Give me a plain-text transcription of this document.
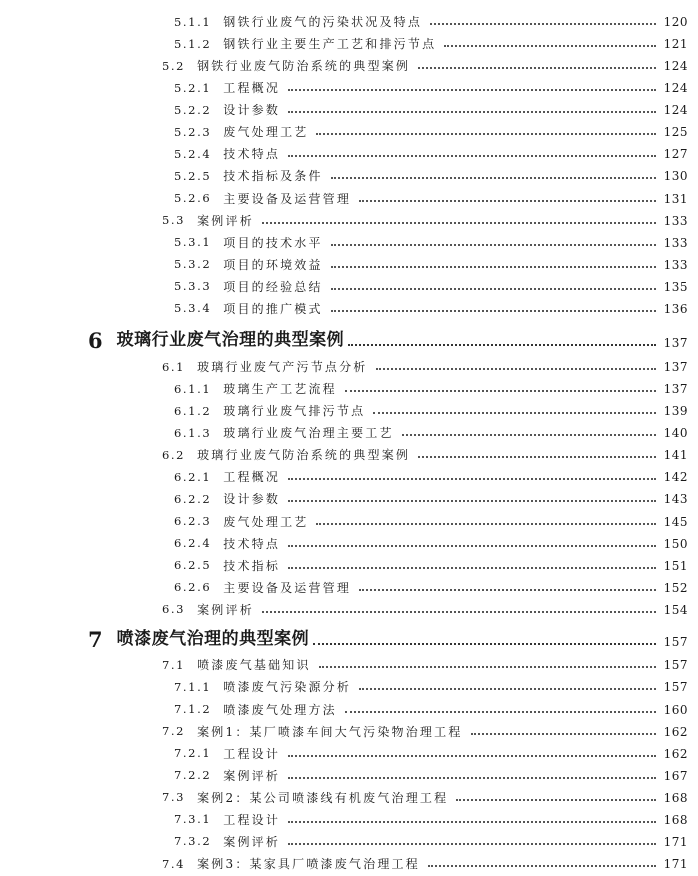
5.1.1 钢铁行业废气的污染状况及特点	120
5.1.2 钢铁行业主要生产工艺和排污节点	121
5.2 钢铁行业废气防治系统的典型案例	124
5.2.1 工程概况	124
5.2.2 设计参数	124
5.2.3 废气处理工艺	125
5.2.4 技术特点	127
5.2.5 技术指标及条件	130
5.2.6 主要设备及运营管理	131
5.3 案例评析	133
5.3.1 项目的技术水平	133
5.3.2 项目的环境效益	133
5.3.3 项目的经验总结	135
5.3.4 项目的推广模式	136
6 玻璃行业废气治理的典型案例	137
6.1 玻璃行业废气产污节点分析	137
6.1.1 玻璃生产工艺流程	137
6.1.2 玻璃行业废气排污节点	139
6.1.3 玻璃行业废气治理主要工艺	140
6.2 玻璃行业废气防治系统的典型案例	141
6.2.1 工程概况	142
6.2.2 设计参数	143
6.2.3 废气处理工艺	145
6.2.4 技术特点	150
6.2.5 技术指标	151
6.2.6 主要设备及运营管理	152
6.3 案例评析	154
7 喷漆废气治理的典型案例	157
7.1 喷漆废气基础知识	157
7.1.1 喷漆废气污染源分析	157
7.1.2 喷漆废气处理方法	160
7.2 案例1：某厂喷漆车间大气污染物治理工程	162
7.2.1 工程设计	162
7.2.2 案例评析	167
7.3 案例2：某公司喷漆线有机废气治理工程	168
7.3.1 工程设计	168
7.3.2 案例评析	171
7.4 案例3：某家具厂喷漆废气治理工程	171
